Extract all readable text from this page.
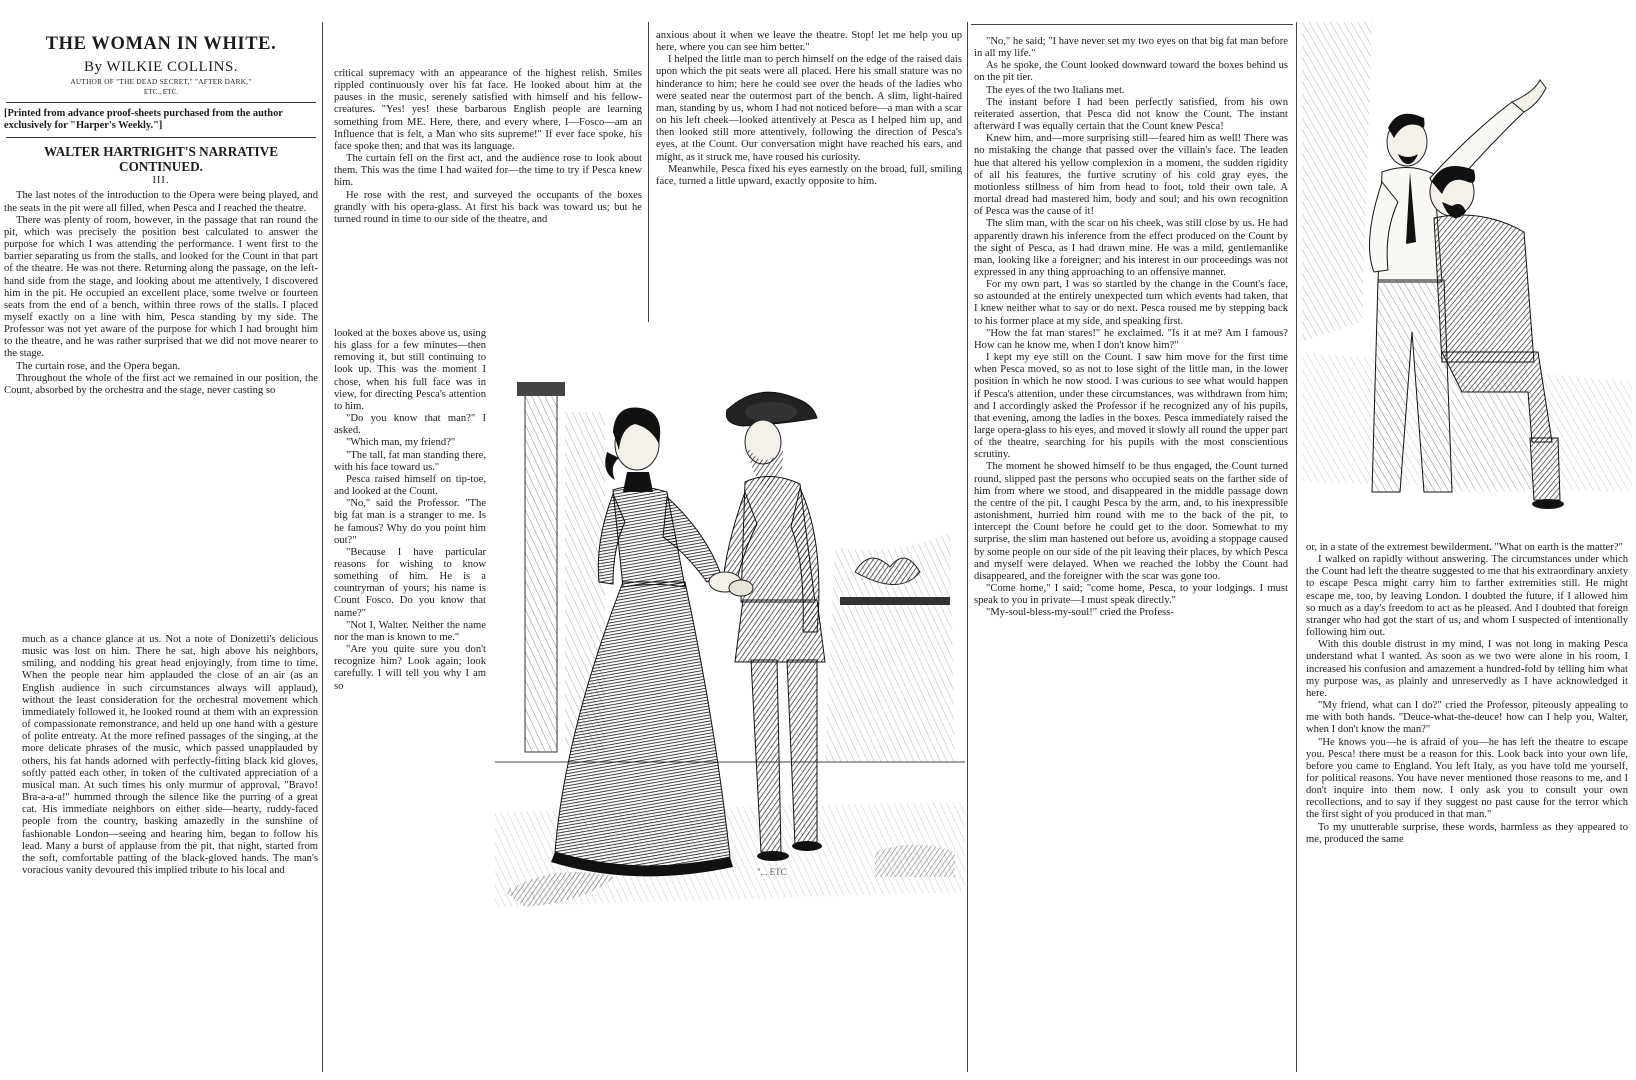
THE WOMAN IN WHITE.
By WILKIE COLLINS.
AUTHOR OF "THE DEAD SECRET," "AFTER DARK,"
ETC., ETC.
[Printed from advance proof-sheets purchased from the author exclusively for "Harper's Weekly."]
WALTER HARTRIGHT'S NARRATIVE CONTINUED.
III.

The last notes of the introduction to the Opera were being played, and the seats in the pit were all filled, when Pesca and I reached the theatre.

There was plenty of room, however, in the passage that ran round the pit, which was precisely the position best calculated to answer the purpose for which I was attending the performance. I went first to the barrier separating us from the stalls, and looked for the Count in that part of the theatre. He was not there. Returning along the passage, on the left-hand side from the stage, and looking about me attentively, I discovered him in the pit. He occupied an excellent place, some twelve or fourteen seats from the end of a bench, within three rows of the stalls. I placed myself exactly on a line with him, Pesca standing by my side. The Professor was not yet aware of the purpose for which I had brought him to the theatre, and he was rather surprised that we did not move nearer to the stage.

The curtain rose, and the Opera began.

Throughout the whole of the first act we remained in our position, the Count, absorbed by the orchestra and the stage, never casting so

much as a chance glance at us. Not a note of Donizetti's delicious music was lost on him. There he sat, high above his neighbors, smiling, and nodding his great head enjoyingly, from time to time. When the people near him applauded the close of an air (as an English audience in such circumstances always will applaud), without the least consideration for the orchestral movement which immediately followed it, he looked round at them with an expression of compassionate remonstrance, and held up one hand with a gesture of polite entreaty. At the more refined passages of the singing, at the more delicate phrases of the music, which passed unapplauded by others, his fat hands adorned with perfectly-fitting black kid gloves, softly patted each other, in token of the cultivated appreciation of a musical man. At such times his only murmur of approval, "Bravo! Bra-a-a-a!" hummed through the silence like the purring of a great cat. His immediate neighbors on either side—hearty, ruddy-faced people from the country, basking amazedly in the sunshine of fashionable London—seeing and hearing him, began to follow his lead. Many a burst of applause from the pit, that night, started from the soft, comfortable patting of the black-gloved hands. The man's voracious vanity devoured this implied tribute to his local and

critical supremacy with an appearance of the highest relish. Smiles rippled continuously over his fat face. He looked about him at the pauses in the music, serenely satisfied with himself and his fellow-creatures. "Yes! yes! these barbarous English people are learning something from ME. Here, there, and every where, I—Fosco—am an Influence that is felt, a Man who sits supreme!" If ever face spoke, his face spoke then; and that was its language.

The curtain fell on the first act, and the audience rose to look about them. This was the time I had waited for—the time to try if Pesca knew him.

He rose with the rest, and surveyed the occupants of the boxes grandly with his opera-glass. At first his back was toward us; but he turned round in time to our side of the theatre, and

looked at the boxes above us, using his glass for a few minutes—then removing it, but still continuing to look up. This was the moment I chose, when his full face was in view, for directing Pesca's attention to him.

"Do you know that man?" I asked.

"Which man, my friend?"

"The tall, fat man standing there, with his face toward us."

Pesca raised himself on tip-toe, and looked at the Count.

"No," said the Professor. "The big fat man is a stranger to me. Is he famous? Why do you point him out?"

"Because I have particular reasons for wishing to know something of him. He is a countryman of yours; his name is Count Fosco. Do you know that name?"

"Not I, Walter. Neither the name nor the man is known to me."

"Are you quite sure you don't recognize him? Look again; look carefully. I will tell you why I am so

anxious about it when we leave the theatre. Stop! let me help you up here, where you can see him better."

I helped the little man to perch himself on the edge of the raised dais upon which the pit seats were all placed. Here his small stature was no hinderance to him; here he could see over the heads of the ladies who were seated near the outermost part of the bench. A slim, light-haired man, standing by us, whom I had not noticed before—a man with a scar on his left cheek—looked attentively at Pesca as I helped him up, and then looked still more attentively, following the direction of Pesca's eyes, at the Count. Our conversation might have reached his ears, and might, as it struck me, have roused his curiosity.

Meanwhile, Pesca fixed his eyes earnestly on the broad, full, smiling face, turned a little upward, exactly opposite to him.

"... ETC

"No," he said; "I have never set my two eyes on that big fat man before in all my life."

As he spoke, the Count looked downward toward the boxes behind us on the pit tier.

The eyes of the two Italians met.

The instant before I had been perfectly satisfied, from his own reiterated assertion, that Pesca did not know the Count. The instant afterward I was equally certain that the Count knew Pesca!

Knew him, and—more surprising still—feared him as well! There was no mistaking the change that passed over the villain's face. The leaden hue that altered his yellow complexion in a moment, the sudden rigidity of all his features, the furtive scrutiny of his cold gray eyes, the motionless stillness of him from head to foot, told their own tale. A mortal dread had mastered him, body and soul; and his own recognition of Pesca was the cause of it!

The slim man, with the scar on his cheek, was still close by us. He had apparently drawn his inference from the effect produced on the Count by the sight of Pesca, as I had drawn mine. He was a mild, gentlemanlike man, looking like a foreigner; and his interest in our proceedings was not expressed in any thing approaching to an offensive manner.

For my own part, I was so startled by the change in the Count's face, so astounded at the entirely unexpected turn which events had taken, that I knew neither what to say or do next. Pesca roused me by stepping back to his former place at my side, and speaking first.

"How the fat man stares!" he exclaimed. "Is it at me? Am I famous? How can he know me, when I don't know him?"

I kept my eye still on the Count. I saw him move for the first time when Pesca moved, so as not to lose sight of the little man, in the lower position in which he now stood. I was curious to see what would happen if Pesca's attention, under these circumstances, was withdrawn from him; and I accordingly asked the Professor if he recognized any of his pupils, that evening, among the ladies in the boxes. Pesca immediately raised the large opera-glass to his eyes, and moved it slowly all round the upper part of the theatre, searching for his pupils with the most conscientious scrutiny.

The moment he showed himself to be thus engaged, the Count turned round, slipped past the persons who occupied seats on the farther side of him from where we stood, and disappeared in the middle passage down the centre of the pit. I caught Pesca by the arm, and, to his inexpressible astonishment, hurried him round with me to the back of the pit, to intercept the Count before he could get to the door. Somewhat to my surprise, the slim man hastened out before us, avoiding a stoppage caused by some people on our side of the pit leaving their places, by which Pesca and myself were delayed. When we reached the lobby the Count had disappeared, and the foreigner with the scar was gone too.

"Come home," I said; "come home, Pesca, to your lodgings. I must speak to you in private—I must speak directly."

"My-soul-bless-my-soul!" cried the Profess-

or, in a state of the extremest bewilderment. "What on earth is the matter?"

I walked on rapidly without answering. The circumstances under which the Count had left the theatre suggested to me that his extraordinary anxiety to escape Pesca might carry him to farther extremities still. He might escape me, too, by leaving London. I doubted the future, if I allowed him so much as a day's freedom to act as he pleased. And I doubted that foreign stranger who had got the start of us, and whom I suspected of intentionally following him out.

With this double distrust in my mind, I was not long in making Pesca understand what I wanted. As soon as we two were alone in his room, I increased his confusion and amazement a hundred-fold by telling him what my purpose was, as plainly and unreservedly as I have acknowledged it here.

"My friend, what can I do?" cried the Professor, piteously appealing to me with both hands. "Deuce-what-the-deuce! how can I help you, Walter, when I don't know the man?"

"He knows you—he is afraid of you—he has left the theatre to escape you. Pesca! there must be a reason for this. Look back into your own life, before you came to England. You left Italy, as you have told me yourself, for political reasons. You have never mentioned those reasons to me, and I don't inquire into them now. I only ask you to consult your own recollections, and to say if they suggest no past cause for the terror which the first sight of you produced in that man."

To my unutterable surprise, these words, harmless as they appeared to me, produced the same
